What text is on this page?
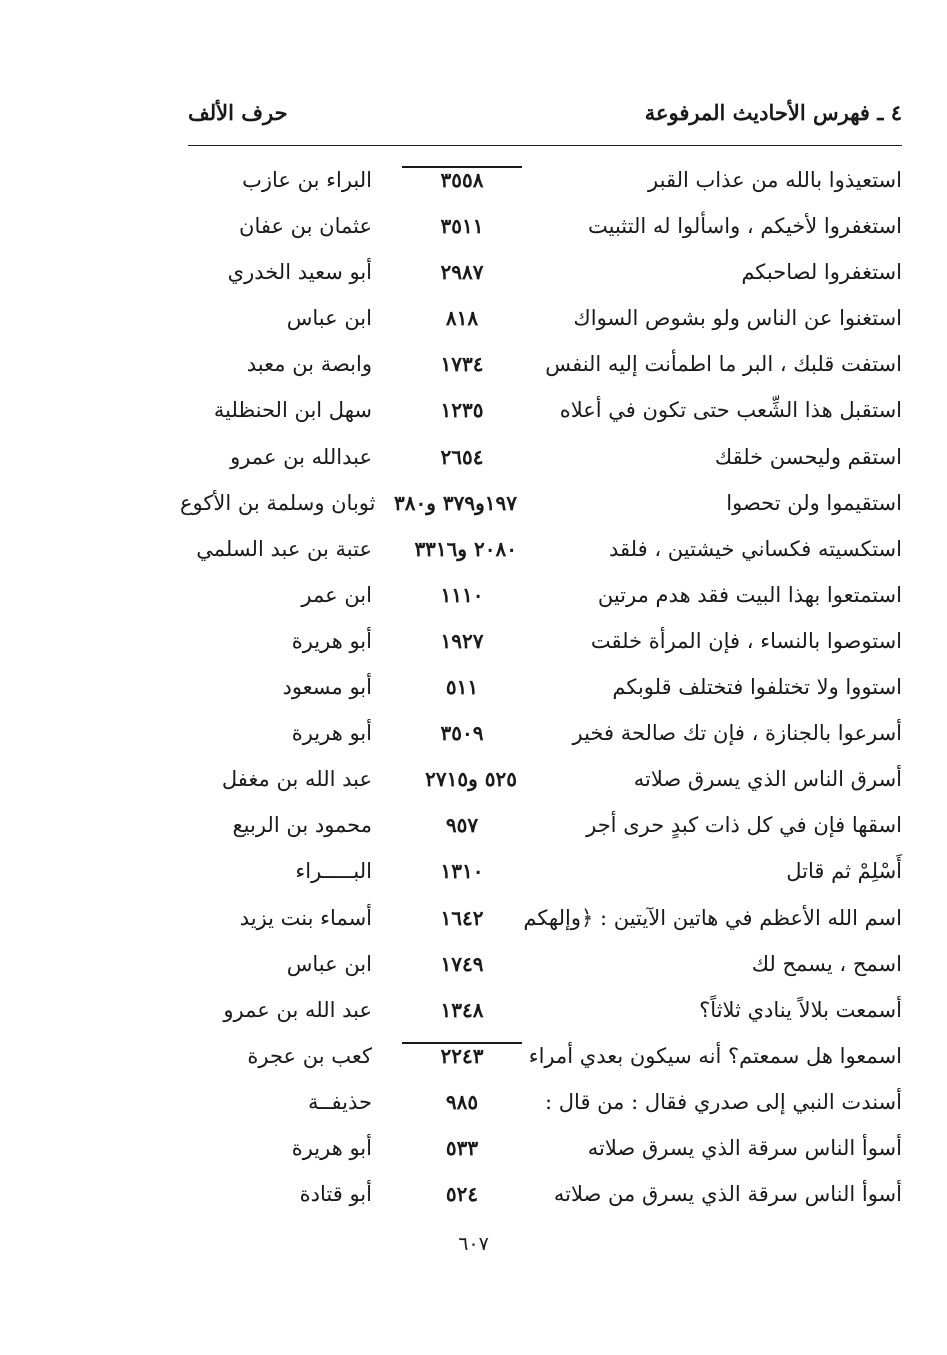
٤ ـ فهرس الأحاديث المرفوعة
حرف الألف
استعيذوا بالله من عذاب القبر
٣٥٥٨
البراء بن عازب
استغفروا لأخيكم ، واسألوا له التثبيت
٣٥١١
عثمان بن عفان
استغفروا لصاحبكم
٢٩٨٧
أبو سعيد الخدري
استغنوا عن الناس ولو بشوص السواك
٨١٨
ابن عباس
استفت قلبك ، البر ما اطمأنت إليه النفس
١٧٣٤
وابصة بن معبد
استقبل هذا الشِّعب حتى تكون في أعلاه
١٢٣٥
سهل ابن الحنظلية
استقم وليحسن خلقك
٢٦٥٤
عبدالله بن عمرو
استقيموا ولن تحصوا
١٩٧و٣٧٩ و٣٨٠
ثوبان وسلمة بن الأكوع
استكسيته فكساني خيشتين ، فلقد
٢٠٨٠ و٣٣١٦
عتبة بن عبد السلمي
استمتعوا بهذا البيت فقد هدم مرتين
١١١٠
ابن عمر
استوصوا بالنساء ، فإن المرأة خلقت
١٩٢٧
أبو هريرة
استووا ولا تختلفوا فتختلف قلوبكم
٥١١
أبو مسعود
أسرعوا بالجنازة ، فإن تك صالحة فخير
٣٥٠٩
أبو هريرة
أسرق الناس الذي يسرق صلاته
٥٢٥ و٢٧١٥
عبد الله بن مغفل
اسقها فإن في كل ذات كبدٍ حرى أجر
٩٥٧
محمود بن الربيع
أَسْلِمْ ثم قاتل
١٣١٠
البـــــراء
اسم الله الأعظم في هاتين الآيتين : ﴿وإلهكم
١٦٤٢
أسماء بنت يزيد
اسمح ، يسمح لك
١٧٤٩
ابن عباس
أسمعت بلالاً ينادي ثلاثاً؟
١٣٤٨
عبد الله بن عمرو
اسمعوا هل سمعتم؟ أنه سيكون بعدي أمراء
٢٢٤٣
كعب بن عجرة
أسندت النبي إلى صدري فقال : من قال :
٩٨٥
حذيفــة
أسوأ الناس سرقة الذي يسرق صلاته
٥٣٣
أبو هريرة
أسوأ الناس سرقة الذي يسرق من صلاته
٥٢٤
أبو قتادة
٦٠٧
